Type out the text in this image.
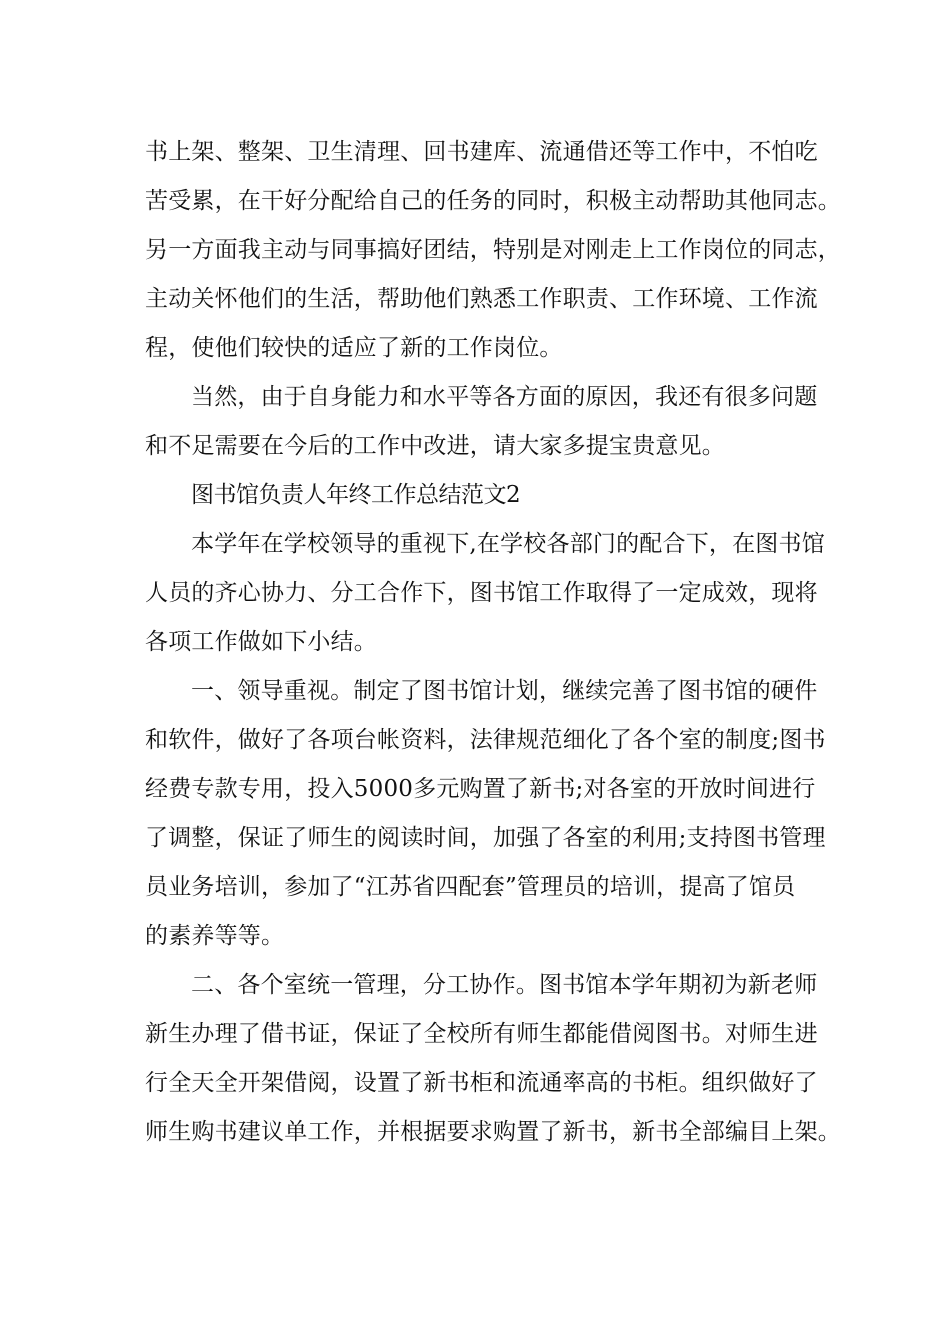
书上架、整架、卫生清理、回书建库、流通借还等工作中，不怕吃
苦受累，在干好分配给自己的任务的同时，积极主动帮助其他同志。
另一方面我主动与同事搞好团结，特别是对刚走上工作岗位的同志，
主动关怀他们的生活，帮助他们熟悉工作职责、工作环境、工作流
程，使他们较快的适应了新的工作岗位。
当然，由于自身能力和水平等各方面的原因，我还有很多问题
和不足需要在今后的工作中改进，请大家多提宝贵意见。
图书馆负责人年终工作总结范文2
本学年在学校领导的重视下,在学校各部门的配合下，在图书馆
人员的齐心协力、分工合作下，图书馆工作取得了一定成效，现将
各项工作做如下小结。
一、领导重视。制定了图书馆计划，继续完善了图书馆的硬件
和软件，做好了各项台帐资料，法律规范细化了各个室的制度;图书
经费专款专用，投入5000多元购置了新书;对各室的开放时间进行
了调整，保证了师生的阅读时间，加强了各室的利用;支持图书管理
员业务培训，参加了“江苏省四配套”管理员的培训，提高了馆员
的素养等等。
二、各个室统一管理，分工协作。图书馆本学年期初为新老师
新生办理了借书证，保证了全校所有师生都能借阅图书。对师生进
行全天全开架借阅，设置了新书柜和流通率高的书柜。组织做好了
师生购书建议单工作，并根据要求购置了新书，新书全部编目上架。
